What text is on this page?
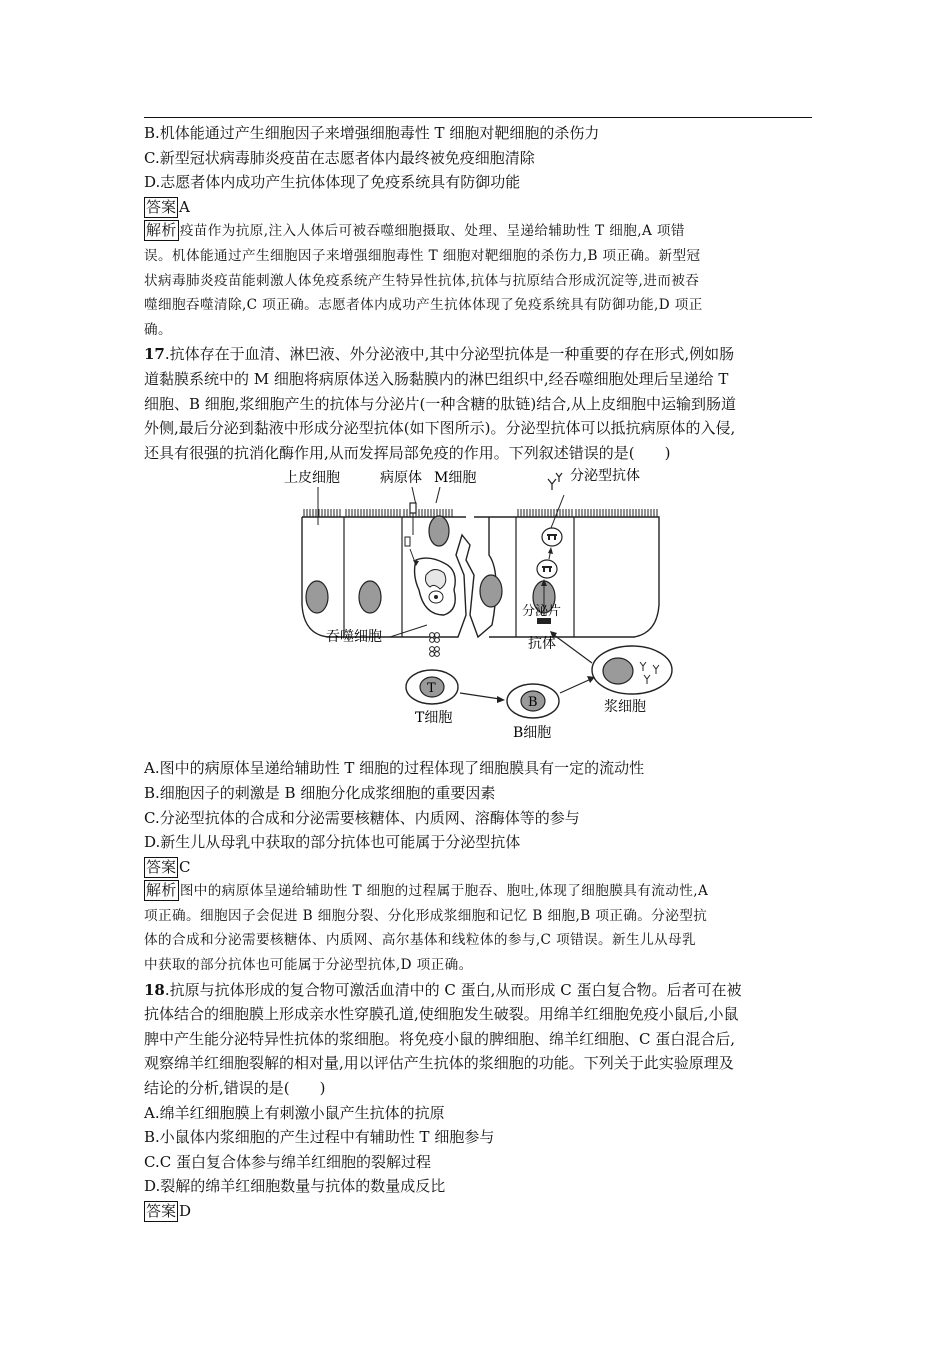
B.机体能通过产生细胞因子来增强细胞毒性 T 细胞对靶细胞的杀伤力
C.新型冠状病毒肺炎疫苗在志愿者体内最终被免疫细胞清除
D.志愿者体内成功产生抗体体现了免疫系统具有防御功能
答案 A
解析 疫苗作为抗原,注入人体后可被吞噬细胞摄取、处理、呈递给辅助性 T 细胞,A 项错
误。机体能通过产生细胞因子来增强细胞毒性 T 细胞对靶细胞的杀伤力,B 项正确。新型冠
状病毒肺炎疫苗能刺激人体免疫系统产生特异性抗体,抗体与抗原结合形成沉淀等,进而被吞
噬细胞吞噬清除,C 项正确。志愿者体内成功产生抗体体现了免疫系统具有防御功能,D 项正
确。
17.抗体存在于血清、淋巴液、外分泌液中,其中分泌型抗体是一种重要的存在形式,例如肠
道黏膜系统中的 M 细胞将病原体送入肠黏膜内的淋巴组织中,经吞噬细胞处理后呈递给 T
细胞、B 细胞,浆细胞产生的抗体与分泌片(一种含糖的肽链)结合,从上皮细胞中运输到肠道
外侧,最后分泌到黏液中形成分泌型抗体(如下图所示)。分泌型抗体可以抵抗病原体的入侵,
还具有很强的抗消化酶作用,从而发挥局部免疫的作用。下列叙述错误的是(　　)
上皮细胞	病原体 M细胞	分泌型抗体
分泌片
吞噬细胞	抗体
浆细胞
T细胞
B细胞
T
B
A.图中的病原体呈递给辅助性 T 细胞的过程体现了细胞膜具有一定的流动性
B.细胞因子的刺激是 B 细胞分化成浆细胞的重要因素
C.分泌型抗体的合成和分泌需要核糖体、内质网、溶酶体等的参与
D.新生儿从母乳中获取的部分抗体也可能属于分泌型抗体
答案 C
解析 图中的病原体呈递给辅助性 T 细胞的过程属于胞吞、胞吐,体现了细胞膜具有流动性,A
项正确。细胞因子会促进 B 细胞分裂、分化形成浆细胞和记忆 B 细胞,B 项正确。分泌型抗
体的合成和分泌需要核糖体、内质网、高尔基体和线粒体的参与,C 项错误。新生儿从母乳
中获取的部分抗体也可能属于分泌型抗体,D 项正确。
18.抗原与抗体形成的复合物可激活血清中的 C 蛋白,从而形成 C 蛋白复合物。后者可在被
抗体结合的细胞膜上形成亲水性穿膜孔道,使细胞发生破裂。用绵羊红细胞免疫小鼠后,小鼠
脾中产生能分泌特异性抗体的浆细胞。将免疫小鼠的脾细胞、绵羊红细胞、C 蛋白混合后,
观察绵羊红细胞裂解的相对量,用以评估产生抗体的浆细胞的功能。下列关于此实验原理及
结论的分析,错误的是(　　)
A.绵羊红细胞膜上有刺激小鼠产生抗体的抗原
B.小鼠体内浆细胞的产生过程中有辅助性 T 细胞参与
C.C 蛋白复合体参与绵羊红细胞的裂解过程
D.裂解的绵羊红细胞数量与抗体的数量成反比
答案 D
